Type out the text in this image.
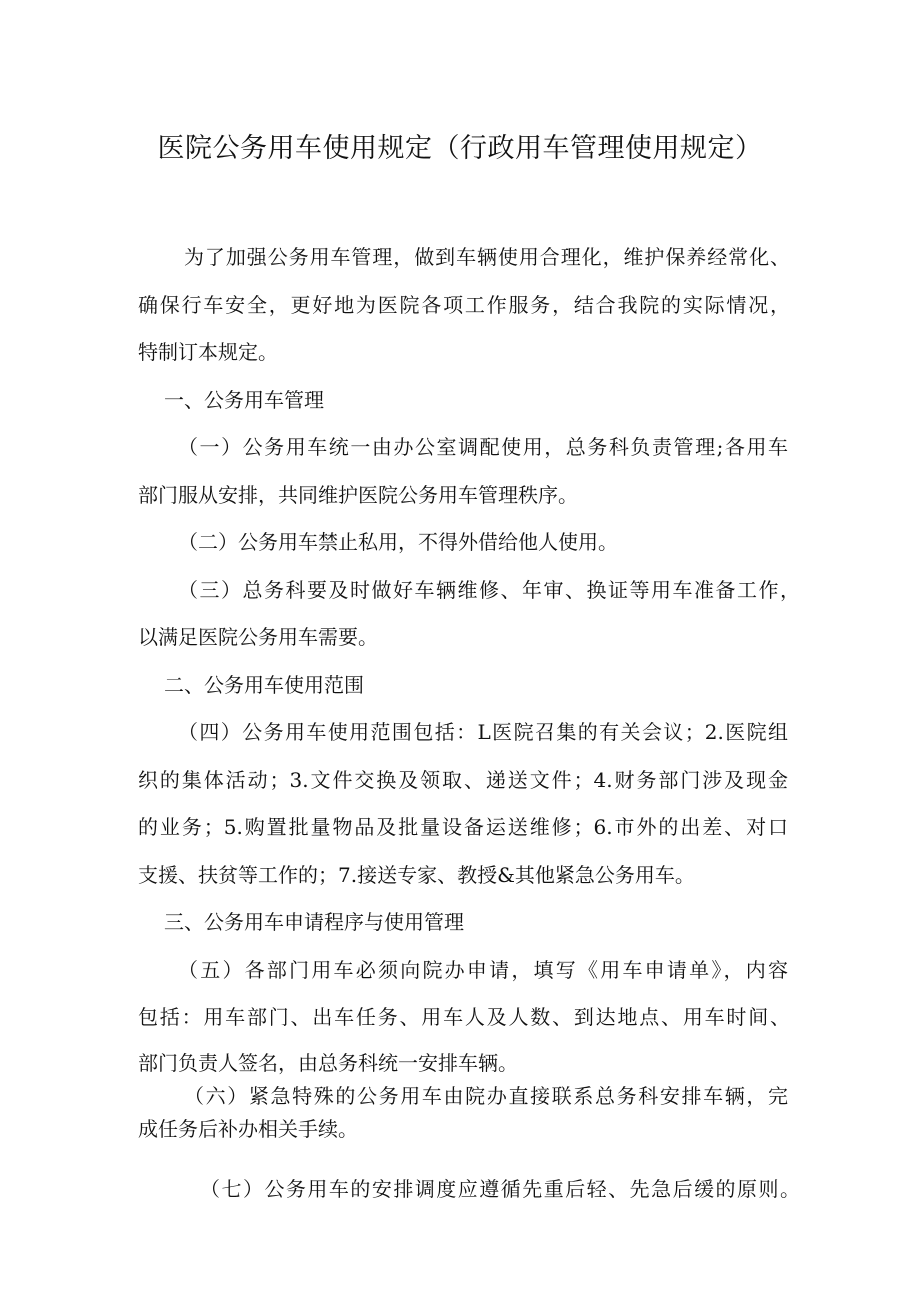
医院公务用车使用规定（行政用车管理使用规定）
为了加强公务用车管理，做到车辆使用合理化，维护保养经常化、
确保行车安全，更好地为医院各项工作服务，结合我院的实际情况，
特制订本规定。
一、公务用车管理
（一）公务用车统一由办公室调配使用，总务科负责管理;各用车
部门服从安排，共同维护医院公务用车管理秩序。
（二）公务用车禁止私用，不得外借给他人使用。
（三）总务科要及时做好车辆维修、年审、换证等用车准备工作，
以满足医院公务用车需要。
二、公务用车使用范围
（四）公务用车使用范围包括：L医院召集的有关会议；2.医院组
织的集体活动；3.文件交换及领取、递送文件；4.财务部门涉及现金
的业务；5.购置批量物品及批量设备运送维修；6.市外的出差、对口
支援、扶贫等工作的；7.接送专家、教授&其他紧急公务用车。
三、公务用车申请程序与使用管理
（五）各部门用车必须向院办申请，填写《用车申请单》，内容
包括：用车部门、出车任务、用车人及人数、到达地点、用车时间、
部门负责人签名，由总务科统一安排车辆。
（六）紧急特殊的公务用车由院办直接联系总务科安排车辆，完
成任务后补办相关手续。
（七）公务用车的安排调度应遵循先重后轻、先急后缓的原则。
